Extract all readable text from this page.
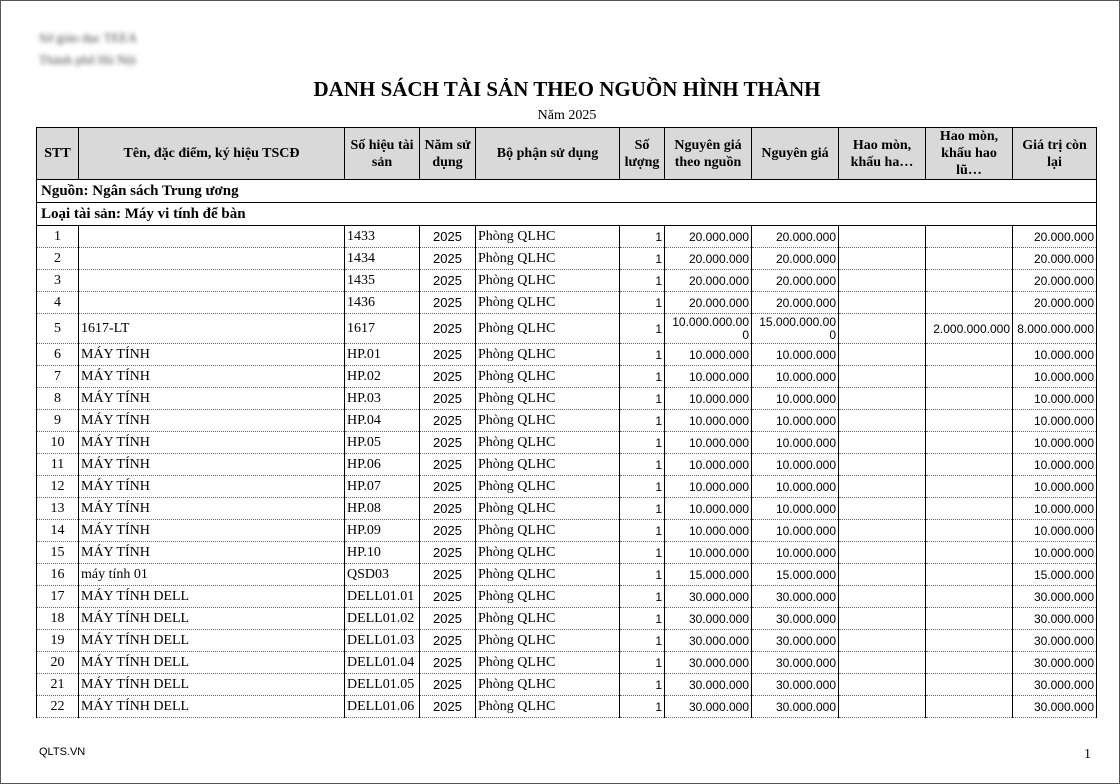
Sở giáo dục TEEA
Thành phố Hà Nội
DANH SÁCH TÀI SẢN THEO NGUỒN HÌNH THÀNH
Năm 2025
STT	Tên, đặc điểm, ký hiệu TSCĐ	Số hiệu tài sản	Năm sử dụng	Bộ phận sử dụng	Số lượng	Nguyên giá theo nguồn	Nguyên giá	Hao mòn, khấu ha…	Hao mòn, khấu hao lũ…	Giá trị còn lại
Nguồn: Ngân sách Trung ương										
Loại tài sản: Máy vi tính để bàn										
1		1433	2025	Phòng QLHC	1	20.000.000	20.000.000			20.000.000
2		1434	2025	Phòng QLHC	1	20.000.000	20.000.000			20.000.000
3		1435	2025	Phòng QLHC	1	20.000.000	20.000.000			20.000.000
4		1436	2025	Phòng QLHC	1	20.000.000	20.000.000			20.000.000
5	1617-LT	1617	2025	Phòng QLHC	1	10.000.000.000	15.000.000.000		2.000.000.000	8.000.000.000
6	MÁY TÍNH	HP.01	2025	Phòng QLHC	1	10.000.000	10.000.000			10.000.000
7	MÁY TÍNH	HP.02	2025	Phòng QLHC	1	10.000.000	10.000.000			10.000.000
8	MÁY TÍNH	HP.03	2025	Phòng QLHC	1	10.000.000	10.000.000			10.000.000
9	MÁY TÍNH	HP.04	2025	Phòng QLHC	1	10.000.000	10.000.000			10.000.000
10	MÁY TÍNH	HP.05	2025	Phòng QLHC	1	10.000.000	10.000.000			10.000.000
11	MÁY TÍNH	HP.06	2025	Phòng QLHC	1	10.000.000	10.000.000			10.000.000
12	MÁY TÍNH	HP.07	2025	Phòng QLHC	1	10.000.000	10.000.000			10.000.000
13	MÁY TÍNH	HP.08	2025	Phòng QLHC	1	10.000.000	10.000.000			10.000.000
14	MÁY TÍNH	HP.09	2025	Phòng QLHC	1	10.000.000	10.000.000			10.000.000
15	MÁY TÍNH	HP.10	2025	Phòng QLHC	1	10.000.000	10.000.000			10.000.000
16	máy tính 01	QSD03	2025	Phòng QLHC	1	15.000.000	15.000.000			15.000.000
17	MÁY TÍNH DELL	DELL01.01	2025	Phòng QLHC	1	30.000.000	30.000.000			30.000.000
18	MÁY TÍNH DELL	DELL01.02	2025	Phòng QLHC	1	30.000.000	30.000.000			30.000.000
19	MÁY TÍNH DELL	DELL01.03	2025	Phòng QLHC	1	30.000.000	30.000.000			30.000.000
20	MÁY TÍNH DELL	DELL01.04	2025	Phòng QLHC	1	30.000.000	30.000.000			30.000.000
21	MÁY TÍNH DELL	DELL01.05	2025	Phòng QLHC	1	30.000.000	30.000.000			30.000.000
22	MÁY TÍNH DELL	DELL01.06	2025	Phòng QLHC	1	30.000.000	30.000.000			30.000.000
QLTS.VN	1
